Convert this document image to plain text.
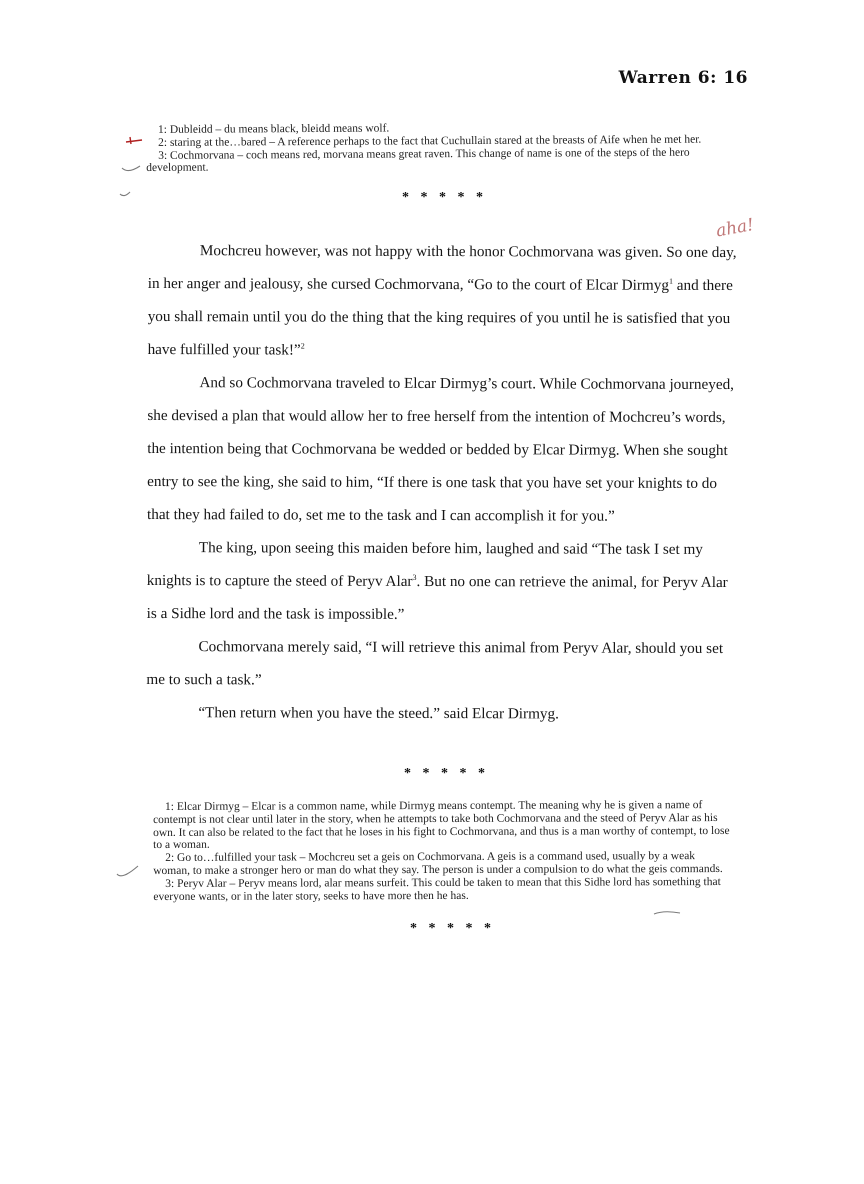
Warren 6: 16

1: Dubleidd – du means black, bleidd means wolf.

2: staring at the…bared – A reference perhaps to the fact that Cuchullain stared at the breasts of Aife when he met her.

3: Cochmorvana – coch means red, morvana means great raven. This change of name is one of the steps of the hero development.

* * * * *
aha!

Mochcreu however, was not happy with the honor Cochmorvana was given. So one day, in her anger and jealousy, she cursed Cochmorvana, “Go to the court of Elcar Dirmyg$^1$ and there you shall remain until you do the thing that the king requires of you until he is satisfied that you have fulfilled your task!”$^2$

And so Cochmorvana traveled to Elcar Dirmyg’s court. While Cochmorvana journeyed, she devised a plan that would allow her to free herself from the intention of Mochcreu’s words, the intention being that Cochmorvana be wedded or bedded by Elcar Dirmyg. When she sought entry to see the king, she said to him, “If there is one task that you have set your knights to do that they had failed to do, set me to the task and I can accomplish it for you.”

The king, upon seeing this maiden before him, laughed and said “The task I set my knights is to capture the steed of Peryv Alar$^3$. But no one can retrieve the animal, for Peryv Alar is a Sidhe lord and the task is impossible.”

Cochmorvana merely said, “I will retrieve this animal from Peryv Alar, should you set me to such a task.”

“Then return when you have the steed.” said Elcar Dirmyg.

* * * * *

1: Elcar Dirmyg – Elcar is a common name, while Dirmyg means contempt. The meaning why he is given a name of contempt is not clear until later in the story, when he attempts to take both Cochmorvana and the steed of Peryv Alar as his own. It can also be related to the fact that he loses in his fight to Cochmorvana, and thus is a man worthy of contempt, to lose to a woman.

2: Go to…fulfilled your task – Mochcreu set a geis on Cochmorvana. A geis is a command used, usually by a weak woman, to make a stronger hero or man do what they say. The person is under a compulsion to do what the geis commands.

3: Peryv Alar – Peryv means lord, alar means surfeit. This could be taken to mean that this Sidhe lord has something that everyone wants, or in the later story, seeks to have more then he has.

* * * * *
